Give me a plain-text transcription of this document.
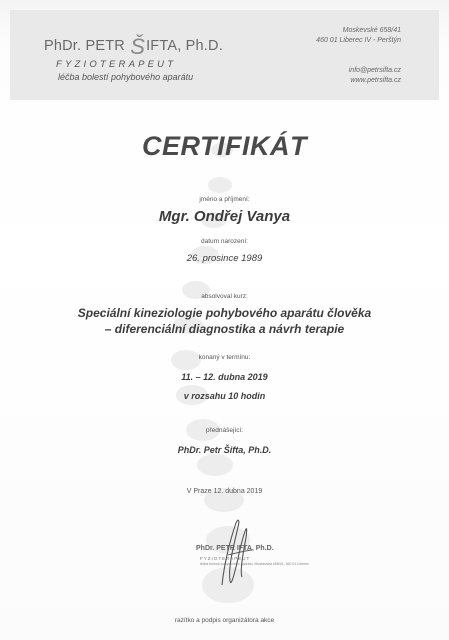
PhDr. PETR ŠIFTA, Ph.D.
FYZIOTERAPEUT
léčba bolestí pohybového aparátu
Moskevské 658/41
460 01 Liberec IV - Perštýn
info@petrsifta.cz
www.petrsifta.cz
CERTIFIKÁT
jméno a příjmení:
Mgr. Ondřej Vanya
datum narození:
26. prosince 1989
absolvoval kurz:
Speciální kineziologie pohybového aparátu člověka
– diferenciální diagnostika a návrh terapie
konaný v termínu:
11. – 12. dubna 2019
v rozsahu 10 hodin
přednášející:
PhDr. Petr Šifta, Ph.D.
V Praze 12. dubna 2019
PhDr. PETR IFTA, Ph.D.
FYZIOTERAPEUT
léčba bolestí pohybového aparátu, Moskevská 658/41, 460 01 Liberec
razítko a podpis organizátora akce
